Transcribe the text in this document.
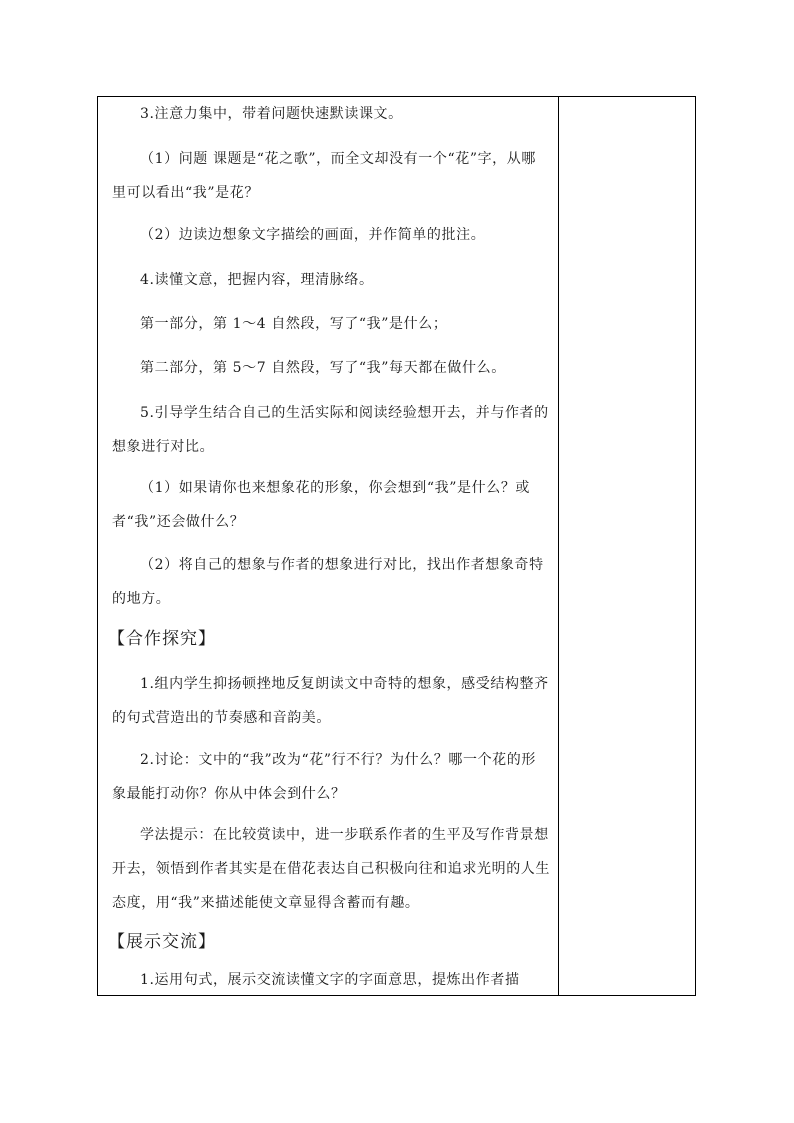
3.注意力集中，带着问题快速默读课文。
（1）问题 课题是“花之歌”，而全文却没有一个“花”字，从哪里可以看出“我”是花？
（2）边读边想象文字描绘的画面，并作简单的批注。
4.读懂文意，把握内容，理清脉络。
第一部分，第 1～4 自然段，写了“我”是什么；
第二部分，第 5～7 自然段，写了“我”每天都在做什么。
5.引导学生结合自己的生活实际和阅读经验想开去，并与作者的想象进行对比。
（1）如果请你也来想象花的形象，你会想到“我”是什么？或者“我”还会做什么？
（2）将自己的想象与作者的想象进行对比，找出作者想象奇特的地方。
【合作探究】
1.组内学生抑扬顿挫地反复朗读文中奇特的想象，感受结构整齐的句式营造出的节奏感和音韵美。
2.讨论：文中的“我”改为“花”行不行？为什么？哪一个花的形象最能打动你？你从中体会到什么？
学法提示：在比较赏读中，进一步联系作者的生平及写作背景想开去，领悟到作者其实是在借花表达自己积极向往和追求光明的人生态度，用“我”来描述能使文章显得含蓄而有趣。
【展示交流】
1.运用句式，展示交流读懂文字的字面意思，提炼出作者描
